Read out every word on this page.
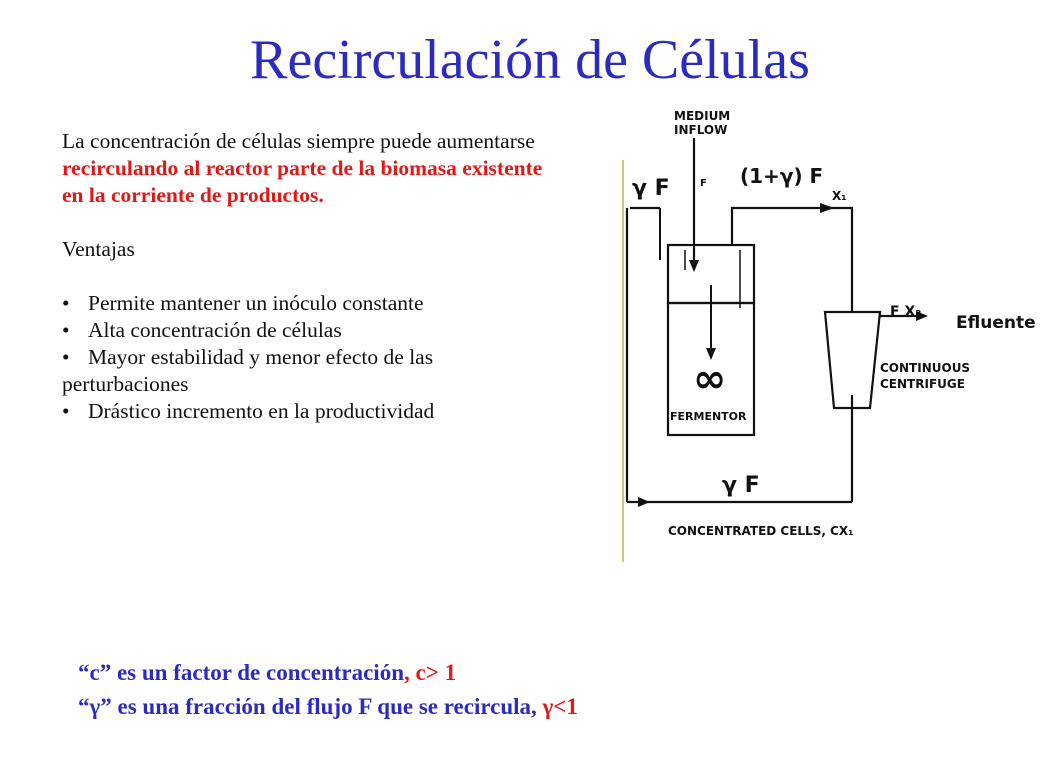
Recirculación de Células

La concentración de células siempre puede aumentarse recirculando al reactor parte de la biomasa existente en la corriente de productos.

Ventajas

• Permite mantener un inóculo constante

• Alta concentración de células

• Mayor estabilidad y menor efecto de las perturbaciones

• Drástico incremento en la productividad

∞
MEDIUM
INFLOW
γ F	F (1+γ) F
X₁
F X₂
Efluente
CONTINUOUS
CENTRIFUGE
FERMENTOR
γ F
CONCENTRATED CELLS, CX₁
“c” es un factor de concentración, c> 1
“γ” es una fracción del flujo F que se recircula, γ<1
